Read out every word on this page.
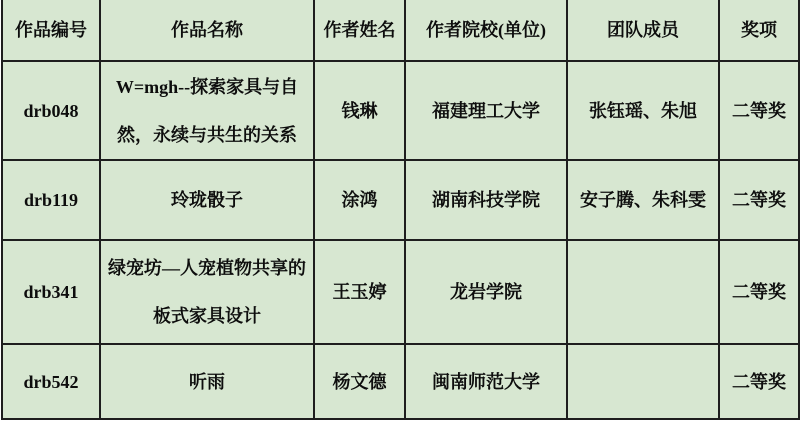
作品编号	作品名称	作者姓名	作者院校(单位)	团队成员	奖项
drb048	W=mgh--探索家具与自然，永续与共生的关系	钱琳	福建理工大学	张钰瑶、朱旭	二等奖
drb119	玲珑骰子	涂鸿	湖南科技学院	安子腾、朱科雯	二等奖
drb341	绿宠坊—人宠植物共享的板式家具设计	王玉婷	龙岩学院		二等奖
drb542	听雨	杨文德	闽南师范大学		二等奖
